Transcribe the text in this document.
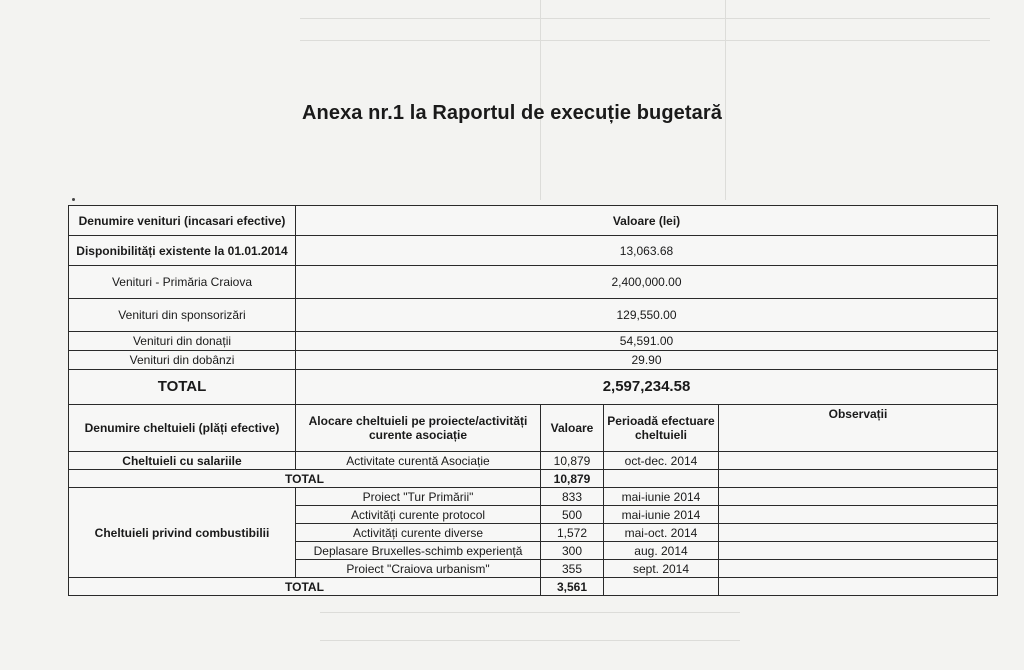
Anexa nr.1 la Raportul de execuție bugetară
Denumire venituri (incasari efective)	Valoare (lei)			
Disponibilități existente la 01.01.2014	13,063.68			
Venituri - Primăria Craiova	2,400,000.00			
Venituri din sponsorizări	129,550.00			
Venituri din donații	54,591.00			
Venituri din dobânzi	29.90			
TOTAL	2,597,234.58			
Denumire cheltuieli (plăți efective)	Alocare cheltuieli pe proiecte/activități curente asociație	Valoare	Perioadă efectuare cheltuieli	Observații
Cheltuieli cu salariile	Activitate curentă Asociație	10,879	oct-dec. 2014	
TOTAL		10,879		
Cheltuieli privind combustibilii	Proiect "Tur Primării"	833	mai-iunie 2014	
	Activități curente protocol	500	mai-iunie 2014	
	Activități curente diverse	1,572	mai-oct. 2014	
	Deplasare Bruxelles-schimb experiență	300	aug. 2014	
	Proiect "Craiova urbanism"	355	sept. 2014	
TOTAL		3,561		
